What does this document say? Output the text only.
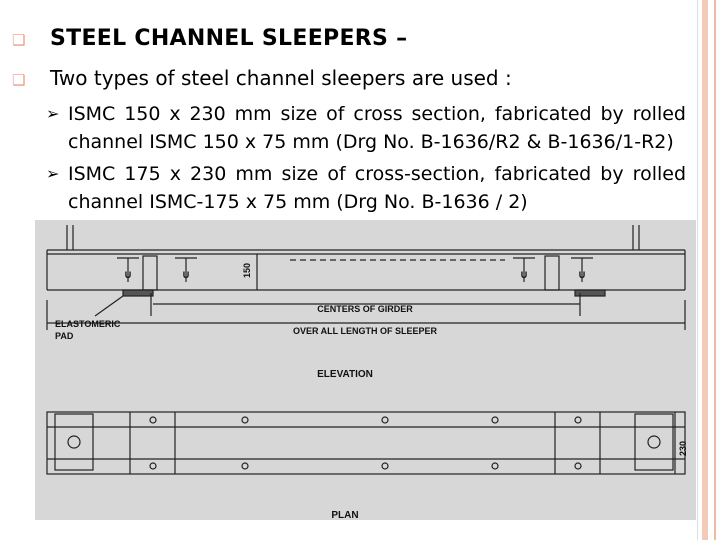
❏	STEEL CHANNEL SLEEPERS –
❏	Two types of steel channel sleepers are used :
➢ ISMC 150 x 230 mm size of cross section, fabricated by rolled channel ISMC 150 x 75 mm (Drg No. B-1636/R2 & B-1636/1-R2)
➢ ISMC 175 x 230 mm size of cross-section, fabricated by rolled channel ISMC-175 x 75 mm (Drg No. B-1636 / 2)
U	U	U	U
150
CENTERS OF GIRDER
ELASTOMERIC
PAD	OVER ALL LENGTH OF SLEEPER
ELEVATION
230
PLAN
